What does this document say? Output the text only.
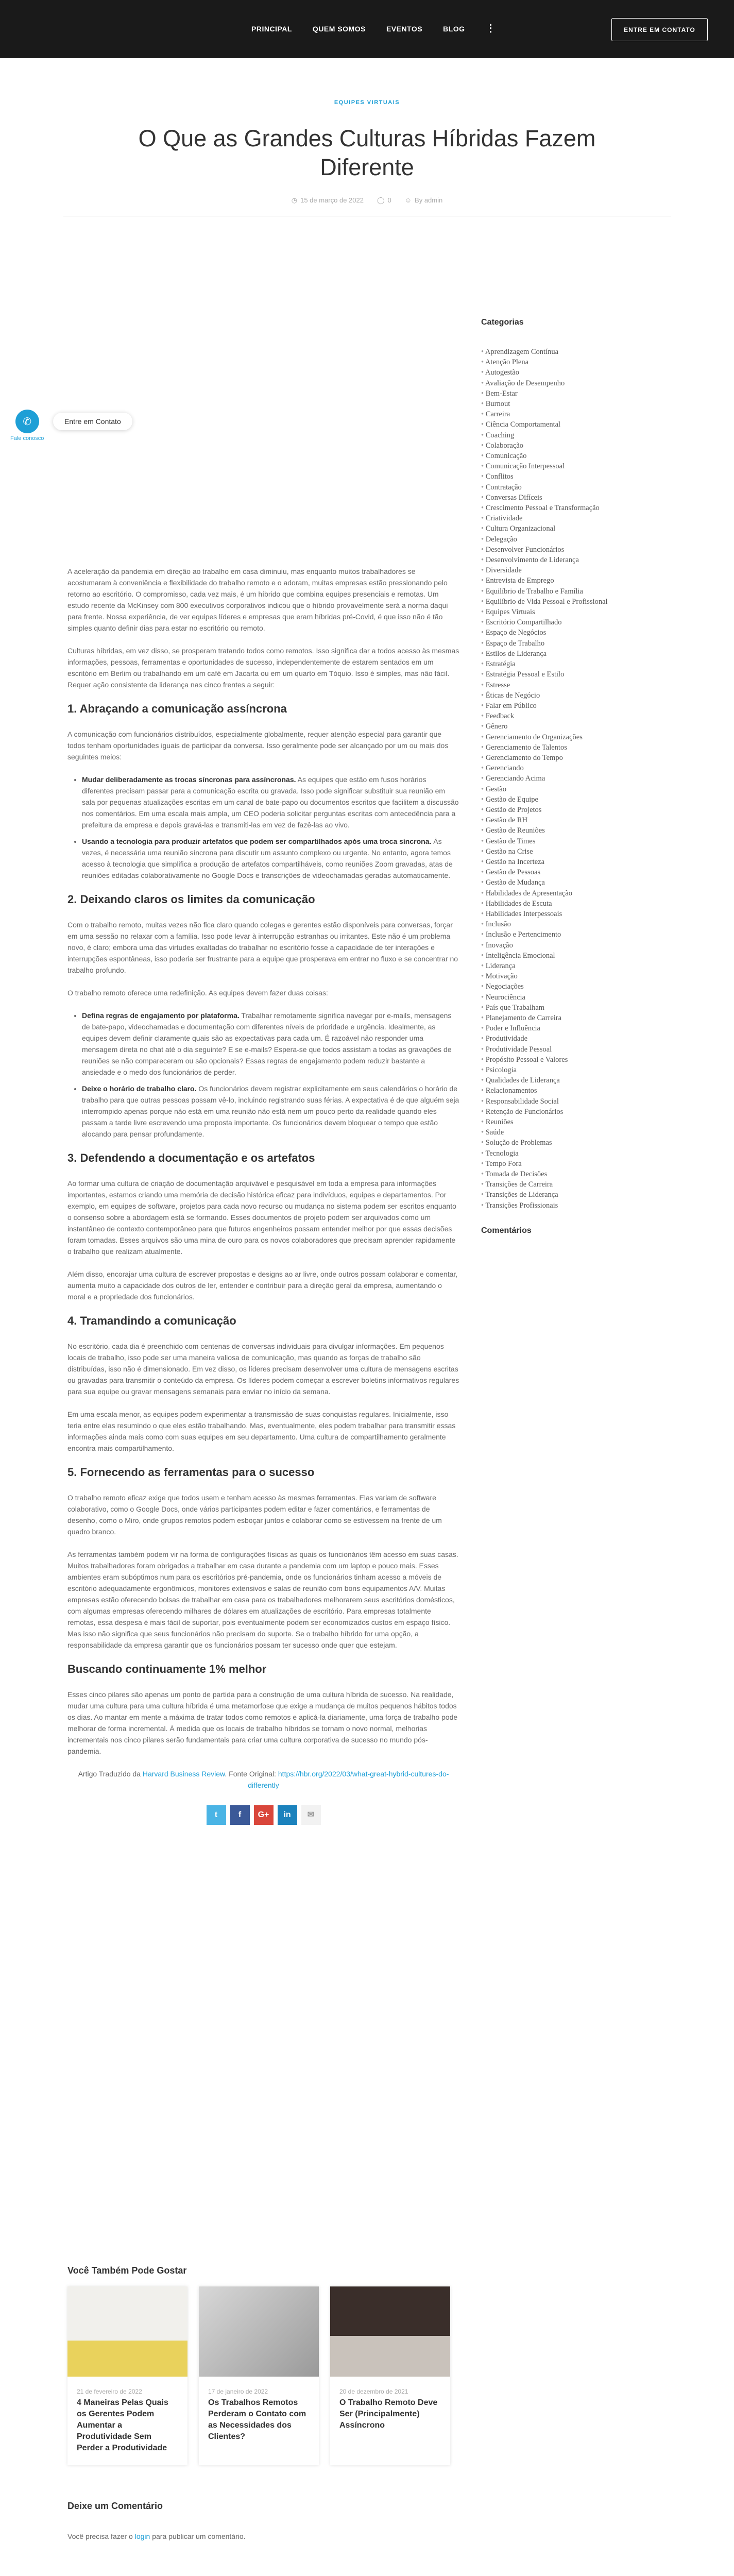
PRINCIPAL	QUEM SOMOS	EVENTOS	BLOG ⋮	ENTRE EM CONTATO
EQUIPES VIRTUAIS
O Que as Grandes Culturas Híbridas Fazem Diferente
◷ 15 de março de 2022 ◯ 0 ☺ By admin
✆
Fale conosco
Entre em Contato

A aceleração da pandemia em direção ao trabalho em casa diminuiu, mas enquanto muitos trabalhadores se acostumaram à conveniência e flexibilidade do trabalho remoto e o adoram, muitas empresas estão pressionando pelo retorno ao escritório. O compromisso, cada vez mais, é um híbrido que combina equipes presenciais e remotas. Um estudo recente da McKinsey com 800 executivos corporativos indicou que o híbrido provavelmente será a norma daqui para frente. Nossa experiência, de ver equipes líderes e empresas que eram híbridas pré-Covid, é que isso não é tão simples quanto definir dias para estar no escritório ou remoto.

Culturas híbridas, em vez disso, se prosperam tratando todos como remotos. Isso significa dar a todos acesso às mesmas informações, pessoas, ferramentas e oportunidades de sucesso, independentemente de estarem sentados em um escritório em Berlim ou trabalhando em um café em Jacarta ou em um quarto em Tóquio. Isso é simples, mas não fácil. Requer ação consistente da liderança nas cinco frentes a seguir:

1. Abraçando a comunicação assíncrona

A comunicação com funcionários distribuídos, especialmente globalmente, requer atenção especial para garantir que todos tenham oportunidades iguais de participar da conversa. Isso geralmente pode ser alcançado por um ou mais dos seguintes meios:

• Mudar deliberadamente as trocas síncronas para assíncronas. As equipes que estão em fusos horários diferentes precisam passar para a comunicação escrita ou gravada. Isso pode significar substituir sua reunião em sala por pequenas atualizações escritas em um canal de bate-papo ou documentos escritos que facilitem a discussão nos comentários. Em uma escala mais ampla, um CEO poderia solicitar perguntas escritas com antecedência para a prefeitura da empresa e depois gravá-las e transmiti-las em vez de fazê-las ao vivo.
• Usando a tecnologia para produzir artefatos que podem ser compartilhados após uma troca síncrona. Às vezes, é necessária uma reunião síncrona para discutir um assunto complexo ou urgente. No entanto, agora temos acesso à tecnologia que simplifica a produção de artefatos compartilháveis, como reuniões Zoom gravadas, atas de reuniões editadas colaborativamente no Google Docs e transcrições de videochamadas geradas automaticamente.
2. Deixando claros os limites da comunicação

Com o trabalho remoto, muitas vezes não fica claro quando colegas e gerentes estão disponíveis para conversas, forçar em uma sessão no relaxar com a família. Isso pode levar à interrupção estranhas ou irritantes. Este não é um problema novo, é claro; embora uma das virtudes exaltadas do trabalhar no escritório fosse a capacidade de ter interações e interrupções espontâneas, isso poderia ser frustrante para a equipe que prosperava em entrar no fluxo e se concentrar no trabalho profundo.

O trabalho remoto oferece uma redefinição. As equipes devem fazer duas coisas:

• Defina regras de engajamento por plataforma. Trabalhar remotamente significa navegar por e-mails, mensagens de bate-papo, videochamadas e documentação com diferentes níveis de prioridade e urgência. Idealmente, as equipes devem definir claramente quais são as expectativas para cada um. É razoável não responder uma mensagem direta no chat até o dia seguinte? E se e-mails? Espera-se que todos assistam a todas as gravações de reuniões se não compareceram ou são opcionais? Essas regras de engajamento podem reduzir bastante a ansiedade e o medo dos funcionários de perder.
• Deixe o horário de trabalho claro. Os funcionários devem registrar explicitamente em seus calendários o horário de trabalho para que outras pessoas possam vê-lo, incluindo registrando suas férias. A expectativa é de que alguém seja interrompido apenas porque não está em uma reunião não está nem um pouco perto da realidade quando eles passam a tarde livre escrevendo uma proposta importante. Os funcionários devem bloquear o tempo que estão alocando para pensar profundamente.
3. Defendendo a documentação e os artefatos

Ao formar uma cultura de criação de documentação arquivável e pesquisável em toda a empresa para informações importantes, estamos criando uma memória de decisão histórica eficaz para indivíduos, equipes e departamentos. Por exemplo, em equipes de software, projetos para cada novo recurso ou mudança no sistema podem ser escritos enquanto o consenso sobre a abordagem está se formando. Esses documentos de projeto podem ser arquivados como um instantâneo de contexto contemporâneo para que futuros engenheiros possam entender melhor por que essas decisões foram tomadas. Esses arquivos são uma mina de ouro para os novos colaboradores que precisam aprender rapidamente o trabalho que realizam atualmente.

Além disso, encorajar uma cultura de escrever propostas e designs ao ar livre, onde outros possam colaborar e comentar, aumenta muito a capacidade dos outros de ler, entender e contribuir para a direção geral da empresa, aumentando o moral e a propriedade dos funcionários.

4. Tramandindo a comunicação

No escritório, cada dia é preenchido com centenas de conversas individuais para divulgar informações. Em pequenos locais de trabalho, isso pode ser uma maneira valiosa de comunicação, mas quando as forças de trabalho são distribuídas, isso não é dimensionado. Em vez disso, os líderes precisam desenvolver uma cultura de mensagens escritas ou gravadas para transmitir o conteúdo da empresa. Os líderes podem começar a escrever boletins informativos regulares para sua equipe ou gravar mensagens semanais para enviar no início da semana.

Em uma escala menor, as equipes podem experimentar a transmissão de suas conquistas regulares. Inicialmente, isso teria entre elas resumindo o que eles estão trabalhando. Mas, eventualmente, eles podem trabalhar para transmitir essas informações ainda mais como com suas equipes em seu departamento. Uma cultura de compartilhamento geralmente encontra mais compartilhamento.

5. Fornecendo as ferramentas para o sucesso

O trabalho remoto eficaz exige que todos usem e tenham acesso às mesmas ferramentas. Elas variam de software colaborativo, como o Google Docs, onde vários participantes podem editar e fazer comentários, e ferramentas de desenho, como o Miro, onde grupos remotos podem esboçar juntos e colaborar como se estivessem na frente de um quadro branco.

As ferramentas também podem vir na forma de configurações físicas as quais os funcionários têm acesso em suas casas. Muitos trabalhadores foram obrigados a trabalhar em casa durante a pandemia com um laptop e pouco mais. Esses ambientes eram subóptimos num para os escritórios pré-pandemia, onde os funcionários tinham acesso a móveis de escritório adequadamente ergonômicos, monitores extensivos e salas de reunião com bons equipamentos A/V. Muitas empresas estão oferecendo bolsas de trabalhar em casa para os trabalhadores melhorarem seus escritórios domésticos, com algumas empresas oferecendo milhares de dólares em atualizações de escritório. Para empresas totalmente remotas, essa despesa é mais fácil de suportar, pois eventualmente podem ser economizados custos em espaço físico. Mas isso não significa que seus funcionários não precisam do suporte. Se o trabalho híbrido for uma opção, a responsabilidade da empresa garantir que os funcionários possam ter sucesso onde quer que estejam.

Buscando continuamente 1% melhor

Esses cinco pilares são apenas um ponto de partida para a construção de uma cultura híbrida de sucesso. Na realidade, mudar uma cultura para uma cultura híbrida é uma metamorfose que exige a mudança de muitos pequenos hábitos todos os dias. Ao mantar em mente a máxima de tratar todos como remotos e aplicá-la diariamente, uma força de trabalho pode melhorar de forma incremental. À medida que os locais de trabalho híbridos se tornam o novo normal, melhorias incrementais nos cinco pilares serão fundamentais para criar uma cultura corporativa de sucesso no mundo pós-pandemia.

Artigo Traduzido da Harvard Business Review. Fonte Original: https://hbr.org/2022/03/what-great-hybrid-cultures-do-differently
t	f	G+	in	✉
Categorias
• Aprendizagem Contínua
• Atenção Plena
• Autogestão
• Avaliação de Desempenho
• Bem-Estar
• Burnout
• Carreira
• Ciência Comportamental
• Coaching
• Colaboração
• Comunicação
• Comunicação Interpessoal
• Conflitos
• Contratação
• Conversas Difíceis
• Crescimento Pessoal e Transformação
• Criatividade
• Cultura Organizacional
• Delegação
• Desenvolver Funcionários
• Desenvolvimento de Liderança
• Diversidade
• Entrevista de Emprego
• Equilíbrio de Trabalho e Família
• Equilíbrio de Vida Pessoal e Profissional
• Equipes Virtuais
• Escritório Compartilhado
• Espaço de Negócios
• Espaço de Trabalho
• Estilos de Liderança
• Estratégia
• Estratégia Pessoal e Estilo
• Estresse
• Éticas de Negócio
• Falar em Público
• Feedback
• Gênero
• Gerenciamento de Organizações
• Gerenciamento de Talentos
• Gerenciamento do Tempo
• Gerenciando
• Gerenciando Acima
• Gestão
• Gestão de Equipe
• Gestão de Projetos
• Gestão de RH
• Gestão de Reuniões
• Gestão de Times
• Gestão na Crise
• Gestão na Incerteza
• Gestão de Pessoas
• Gestão de Mudança
• Habilidades de Apresentação
• Habilidades de Escuta
• Habilidades Interpessoais
• Inclusão
• Inclusão e Pertencimento
• Inovação
• Inteligência Emocional
• Liderança
• Motivação
• Negociações
• Neurociência
• País que Trabalham
• Planejamento de Carreira
• Poder e Influência
• Produtividade
• Produtividade Pessoal
• Propósito Pessoal e Valores
• Psicologia
• Qualidades de Liderança
• Relacionamentos
• Responsabilidade Social
• Retenção de Funcionários
• Reuniões
• Saúde
• Solução de Problemas
• Tecnologia
• Tempo Fora
• Tomada de Decisões
• Transições de Carreira
• Transições de Liderança
• Transições Profissionais
Comentários
Você Também Pode Gostar
21 de fevereiro de 2022
4 Maneiras Pelas Quais os Gerentes Podem Aumentar a Produtividade Sem Perder a Produtividade
17 de janeiro de 2022
Os Trabalhos Remotos Perderam o Contato com as Necessidades dos Clientes?
20 de dezembro de 2021
O Trabalho Remoto Deve Ser (Principalmente) Assíncrono
Deixe um Comentário

Você precisa fazer o login para publicar um comentário.
